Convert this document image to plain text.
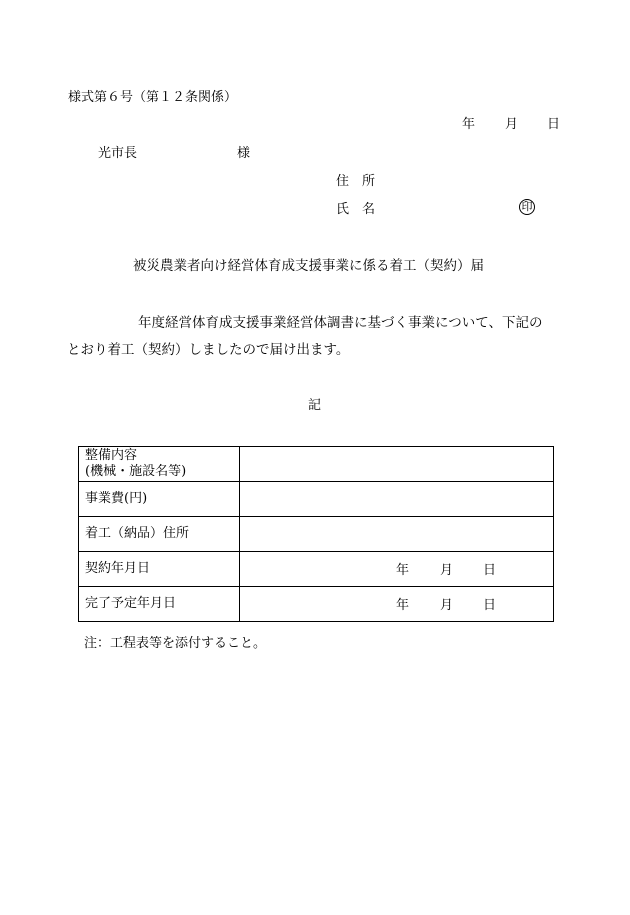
様式第６号（第１２条関係）
年 月 日
光市長	様
住　所
氏　名	印
被災農業者向け経営体育成支援事業に係る着工（契約）届
年度経営体育成支援事業経営体調書に基づく事業について、下記の
とおり着工（契約）しましたので届け出ます。
記
整備内容
(機械・施設名等)	

事業費(円)	
着工（納品）住所	
契約年月日	年 月 日

完了予定年月日	年 月 日
注：工程表等を添付すること。
